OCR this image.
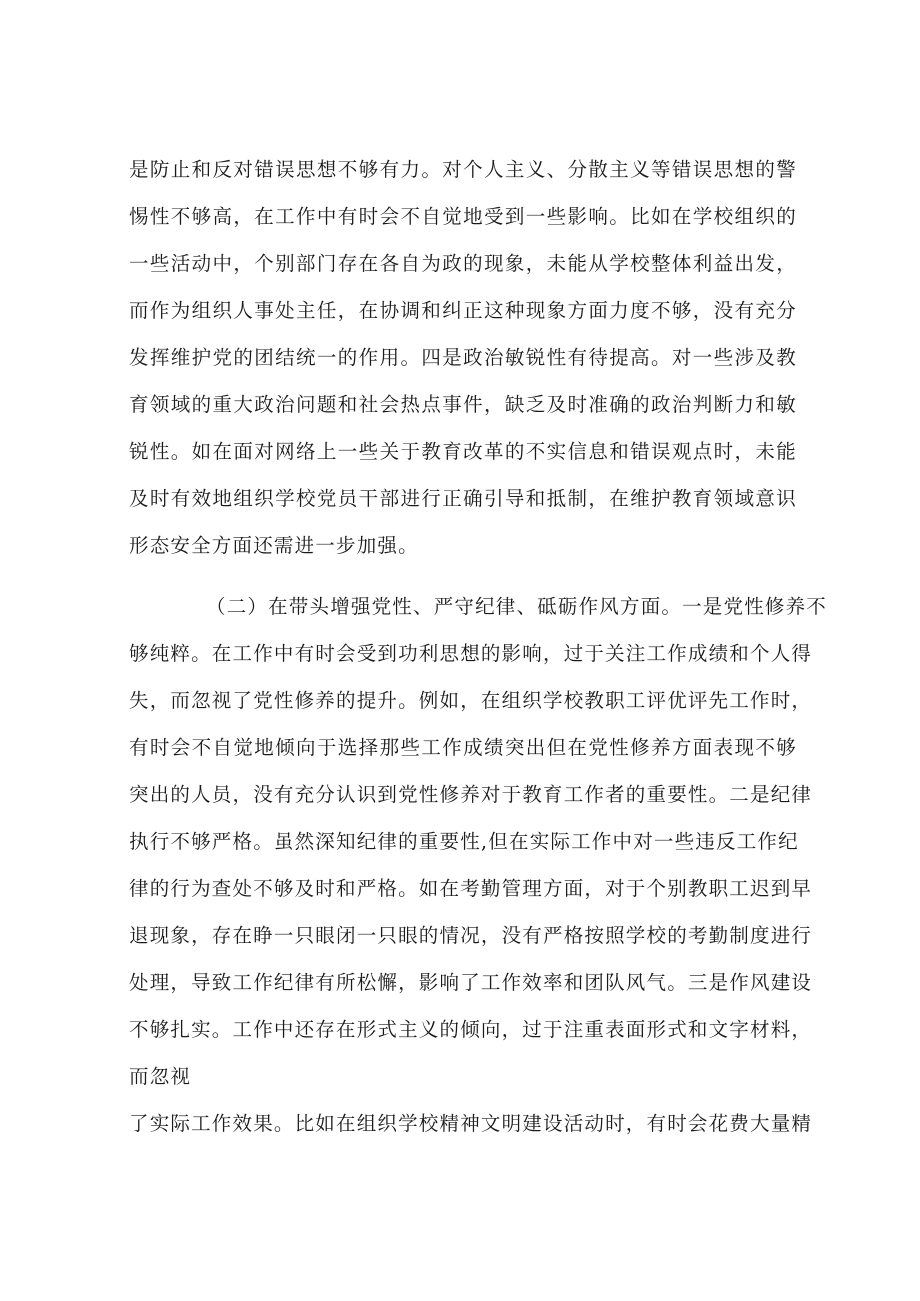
是防止和反对错误思想不够有力。对个人主义、分散主义等错误思想的警
惕性不够高，在工作中有时会不自觉地受到一些影响。比如在学校组织的
一些活动中，个别部门存在各自为政的现象，未能从学校整体利益出发，
而作为组织人事处主任，在协调和纠正这种现象方面力度不够，没有充分
发挥维护党的团结统一的作用。四是政治敏锐性有待提高。对一些涉及教
育领域的重大政治问题和社会热点事件，缺乏及时准确的政治判断力和敏
锐性。如在面对网络上一些关于教育改革的不实信息和错误观点时，未能
及时有效地组织学校党员干部进行正确引导和抵制，在维护教育领域意识
形态安全方面还需进一步加强。
（二）在带头增强党性、严守纪律、砥砺作风方面。一是党性修养不
够纯粹。在工作中有时会受到功利思想的影响，过于关注工作成绩和个人得
失，而忽视了党性修养的提升。例如，在组织学校教职工评优评先工作时，
有时会不自觉地倾向于选择那些工作成绩突出但在党性修养方面表现不够
突出的人员，没有充分认识到党性修养对于教育工作者的重要性。二是纪律
执行不够严格。虽然深知纪律的重要性,但在实际工作中对一些违反工作纪
律的行为查处不够及时和严格。如在考勤管理方面，对于个别教职工迟到早
退现象，存在睁一只眼闭一只眼的情况，没有严格按照学校的考勤制度进行
处理，导致工作纪律有所松懈，影响了工作效率和团队风气。三是作风建设
不够扎实。工作中还存在形式主义的倾向，过于注重表面形式和文字材料，
而忽视
了实际工作效果。比如在组织学校精神文明建设活动时，有时会花费大量精
